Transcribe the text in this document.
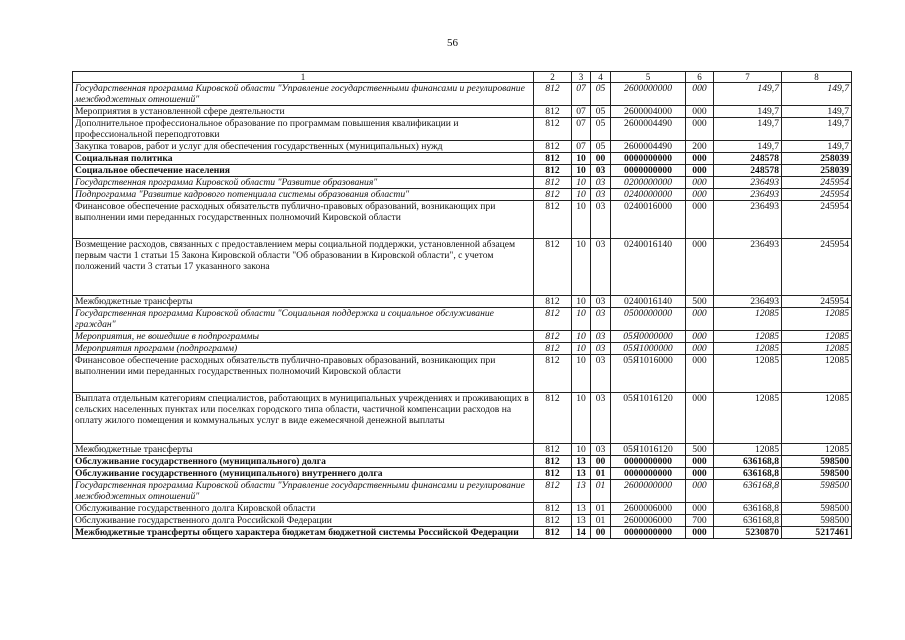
56
1	2	3	4	5	6	7	8
Государственная программа Кировской области "Управление государственными финансами и регулирование межбюджетных отношений"	812	07	05	2600000000	000	149,7	149,7
Мероприятия в установленной сфере деятельности	812	07	05	2600004000	000	149,7	149,7
Дополнительное профессиональное образование по программам повышения квалификации и профессиональной переподготовки	812	07	05	2600004490	000	149,7	149,7
Закупка товаров, работ и услуг для обеспечения государственных (муниципальных) нужд	812	07	05	2600004490	200	149,7	149,7
Социальная политика	812	10	00	0000000000	000	248578	258039
Социальное обеспечение населения	812	10	03	0000000000	000	248578	258039
Государственная программа Кировской области "Развитие образования"	812	10	03	0200000000	000	236493	245954
Подпрограмма "Развитие кадрового потенциала системы образования области"	812	10	03	0240000000	000	236493	245954
Финансовое обеспечение расходных обязательств публично-правовых образований, возникающих при выполнении ими переданных государственных полномочий Кировской области	812	10	03	0240016000	000	236493	245954
Возмещение расходов, связанных с предоставлением меры социальной поддержки, установленной абзацем первым части 1 статьи 15 Закона Кировской области "Об образовании в Кировской области", с учетом положений части 3 статьи 17 указанного закона	812	10	03	0240016140	000	236493	245954
Межбюджетные трансферты	812	10	03	0240016140	500	236493	245954
Государственная программа Кировской области "Социальная поддержка и социальное обслуживание граждан"	812	10	03	0500000000	000	12085	12085
Мероприятия, не вошедшие в подпрограммы	812	10	03	05Я0000000	000	12085	12085
Мероприятия программ (подпрограмм)	812	10	03	05Я1000000	000	12085	12085
Финансовое обеспечение расходных обязательств публично-правовых образований, возникающих при выполнении ими переданных государственных полномочий Кировской области	812	10	03	05Я1016000	000	12085	12085
Выплата отдельным категориям специалистов, работающих в муниципальных учреждениях и проживающих в сельских населенных пунктах или поселках городского типа области, частичной компенсации расходов на оплату жилого помещения и коммунальных услуг в виде ежемесячной денежной выплаты	812	10	03	05Я1016120	000	12085	12085
Межбюджетные трансферты	812	10	03	05Я1016120	500	12085	12085
Обслуживание государственного (муниципального) долга	812	13	00	0000000000	000	636168,8	598500
Обслуживание государственного (муниципального) внутреннего долга	812	13	01	0000000000	000	636168,8	598500
Государственная программа Кировской области "Управление государственными финансами и регулирование межбюджетных отношений"	812	13	01	2600000000	000	636168,8	598500
Обслуживание государственного долга Кировской области	812	13	01	2600006000	000	636168,8	598500
Обслуживание государственного долга Российской Федерации	812	13	01	2600006000	700	636168,8	598500
Межбюджетные трансферты общего характера бюджетам бюджетной системы Российской Федерации	812	14	00	0000000000	000	5230870	5217461
